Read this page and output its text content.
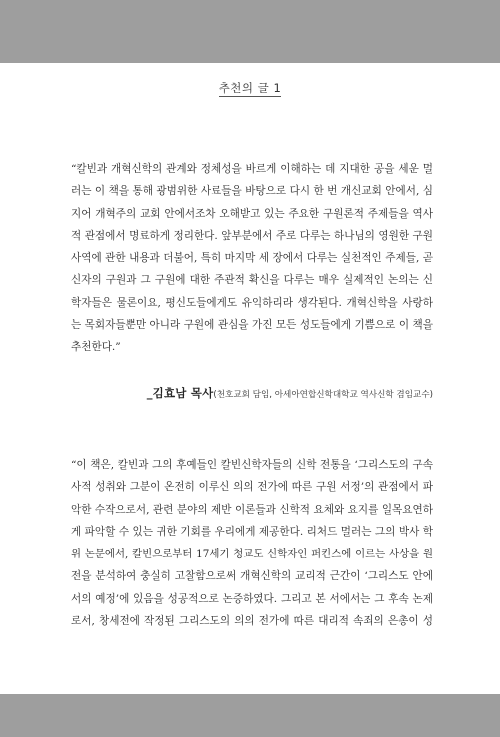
추천의 글 1
“칼빈과 개혁신학의 관계와 정체성을 바르게 이해하는 데 지대한 공을 세운 멀
러는 이 책을 통해 광범위한 사료들을 바탕으로 다시 한 번 개신교회 안에서, 심
지어 개혁주의 교회 안에서조차 오해받고 있는 주요한 구원론적 주제들을 역사
적 관점에서 명료하게 정리한다. 앞부분에서 주로 다루는 하나님의 영원한 구원
사역에 관한 내용과 더불어, 특히 마지막 세 장에서 다루는 실천적인 주제들, 곧
신자의 구원과 그 구원에 대한 주관적 확신을 다루는 매우 실제적인 논의는 신
학자들은 물론이요, 평신도들에게도 유익하리라 생각된다. 개혁신학을 사랑하
는 목회자들뿐만 아니라 구원에 관심을 가진 모든 성도들에게 기쁨으로 이 책을
추천한다.”
_김효남 목사(천호교회 담임, 아세아연합신학대학교 역사신학 겸임교수)
“이 책은, 칼빈과 그의 후예들인 칼빈신학자들의 신학 전통을 ‘그리스도의 구속
사적 성취와 그분이 온전히 이루신 의의 전가에 따른 구원 서정’의 관점에서 파
악한 수작으로서, 관련 분야의 제반 이론들과 신학적 요체와 요지를 일목요연하
게 파악할 수 있는 귀한 기회를 우리에게 제공한다. 리처드 멀러는 그의 박사 학
위 논문에서, 칼빈으로부터 17세기 청교도 신학자인 퍼킨스에 이르는 사상을 원
전을 분석하여 충실히 고찰함으로써 개혁신학의 교리적 근간이 ‘그리스도 안에
서의 예정’에 있음을 성공적으로 논증하였다. 그리고 본 서에서는 그 후속 논제
로서, 창세전에 작정된 그리스도의 의의 전가에 따른 대리적 속죄의 은총이 성
